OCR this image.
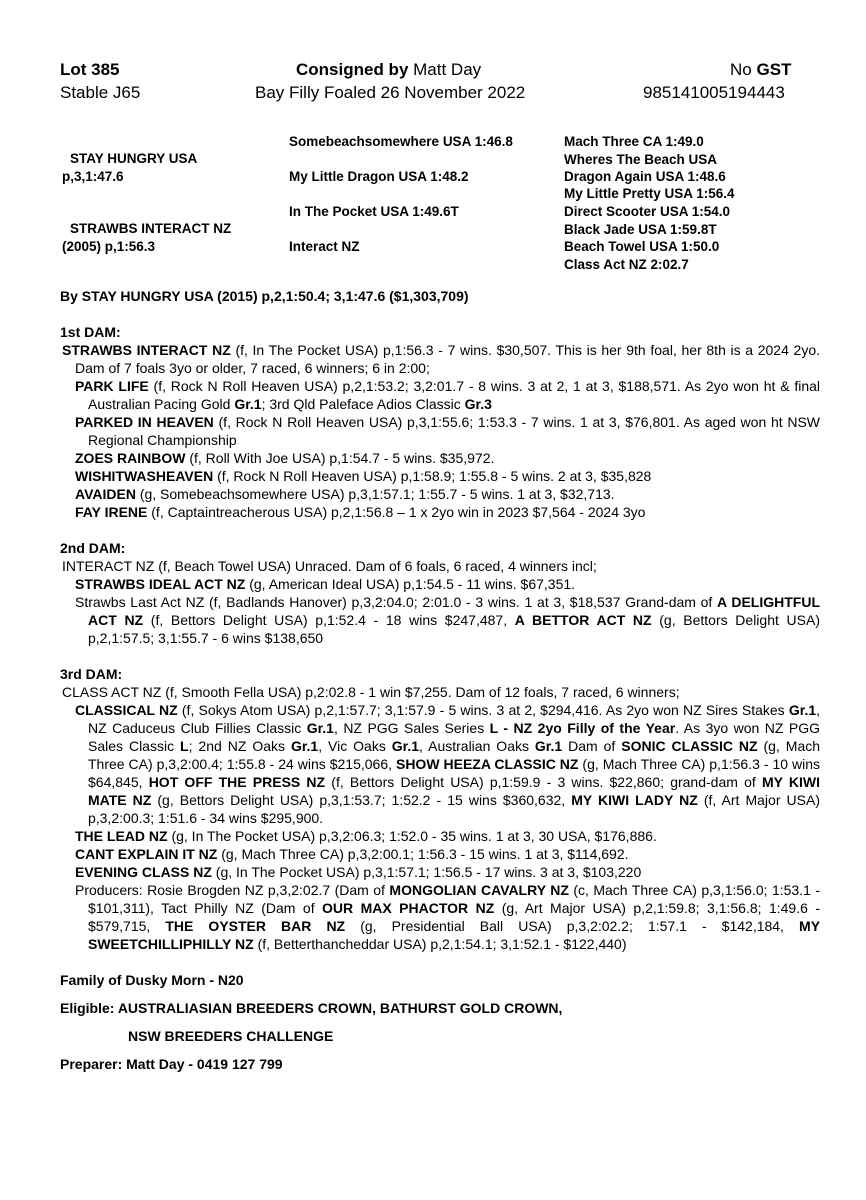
Lot 385
Stable J65
Consigned by Matt Day
Bay Filly Foaled 26 November 2022
No GST
985141005194443
STAY HUNGRY USA
p,3,1:47.6
STRAWBS INTERACT NZ
(2005) p,1:56.3
Somebeachsomewhere USA 1:46.8
My Little Dragon USA 1:48.2
In The Pocket USA 1:49.6T
Interact NZ
Mach Three CA 1:49.0
Wheres The Beach USA
Dragon Again USA 1:48.6
My Little Pretty USA 1:56.4
Direct Scooter USA 1:54.0
Black Jade USA 1:59.8T
Beach Towel USA 1:50.0
Class Act NZ 2:02.7

By STAY HUNGRY USA (2015) p,2,1:50.4; 3,1:47.6 ($1,303,709)

1st DAM:

STRAWBS INTERACT NZ (f, In The Pocket USA) p,1:56.3 - 7 wins. $30,507. This is her 9th foal, her 8th is a 2024 2yo. Dam of 7 foals 3yo or older, 7 raced, 6 winners; 6 in 2:00;

PARK LIFE (f, Rock N Roll Heaven USA) p,2,1:53.2; 3,2:01.7 - 8 wins. 3 at 2, 1 at 3, $188,571. As 2yo won ht & final Australian Pacing Gold Gr.1; 3rd Qld Paleface Adios Classic Gr.3

PARKED IN HEAVEN (f, Rock N Roll Heaven USA) p,3,1:55.6; 1:53.3 - 7 wins. 1 at 3, $76,801. As aged won ht NSW Regional Championship

ZOES RAINBOW (f, Roll With Joe USA) p,1:54.7 - 5 wins. $35,972.

WISHITWASHEAVEN (f, Rock N Roll Heaven USA) p,1:58.9; 1:55.8 - 5 wins. 2 at 3, $35,828

AVAIDEN (g, Somebeachsomewhere USA) p,3,1:57.1; 1:55.7 - 5 wins. 1 at 3, $32,713.

FAY IRENE (f, Captaintreacherous USA) p,2,1:56.8 – 1 x 2yo win in 2023 $7,564 - 2024 3yo

2nd DAM:

INTERACT NZ (f, Beach Towel USA) Unraced. Dam of 6 foals, 6 raced, 4 winners incl;

STRAWBS IDEAL ACT NZ (g, American Ideal USA) p,1:54.5 - 11 wins. $67,351.

Strawbs Last Act NZ (f, Badlands Hanover) p,3,2:04.0; 2:01.0 - 3 wins. 1 at 3, $18,537 Grand-dam of A DELIGHTFUL ACT NZ (f, Bettors Delight USA) p,1:52.4 - 18 wins $247,487, A BETTOR ACT NZ (g, Bettors Delight USA) p,2,1:57.5; 3,1:55.7 - 6 wins $138,650

3rd DAM:

CLASS ACT NZ (f, Smooth Fella USA) p,2:02.8 - 1 win $7,255. Dam of 12 foals, 7 raced, 6 winners;

CLASSICAL NZ (f, Sokys Atom USA) p,2,1:57.7; 3,1:57.9 - 5 wins. 3 at 2, $294,416. As 2yo won NZ Sires Stakes Gr.1, NZ Caduceus Club Fillies Classic Gr.1, NZ PGG Sales Series L - NZ 2yo Filly of the Year. As 3yo won NZ PGG Sales Classic L; 2nd NZ Oaks Gr.1, Vic Oaks Gr.1, Australian Oaks Gr.1 Dam of SONIC CLASSIC NZ (g, Mach Three CA) p,3,2:00.4; 1:55.8 - 24 wins $215,066, SHOW HEEZA CLASSIC NZ (g, Mach Three CA) p,1:56.3 - 10 wins $64,845, HOT OFF THE PRESS NZ (f, Bettors Delight USA) p,1:59.9 - 3 wins. $22,860; grand-dam of MY KIWI MATE NZ (g, Bettors Delight USA) p,3,1:53.7; 1:52.2 - 15 wins $360,632, MY KIWI LADY NZ (f, Art Major USA) p,3,2:00.3; 1:51.6 - 34 wins $295,900.

THE LEAD NZ (g, In The Pocket USA) p,3,2:06.3; 1:52.0 - 35 wins. 1 at 3, 30 USA, $176,886.

CANT EXPLAIN IT NZ (g, Mach Three CA) p,3,2:00.1; 1:56.3 - 15 wins. 1 at 3, $114,692.

EVENING CLASS NZ (g, In The Pocket USA) p,3,1:57.1; 1:56.5 - 17 wins. 3 at 3, $103,220

Producers: Rosie Brogden NZ p,3,2:02.7 (Dam of MONGOLIAN CAVALRY NZ (c, Mach Three CA) p,3,1:56.0; 1:53.1 - $101,311), Tact Philly NZ (Dam of OUR MAX PHACTOR NZ (g, Art Major USA) p,2,1:59.8; 3,1:56.8; 1:49.6 - $579,715, THE OYSTER BAR NZ (g, Presidential Ball USA) p,3,2:02.2; 1:57.1 - $142,184, MY SWEETCHILLIPHILLY NZ (f, Betterthancheddar USA) p,2,1:54.1; 3,1:52.1 - $122,440)

Family of Dusky Morn - N20

Eligible: AUSTRALIASIAN BREEDERS CROWN, BATHURST GOLD CROWN,

NSW BREEDERS CHALLENGE

Preparer: Matt Day - 0419 127 799
